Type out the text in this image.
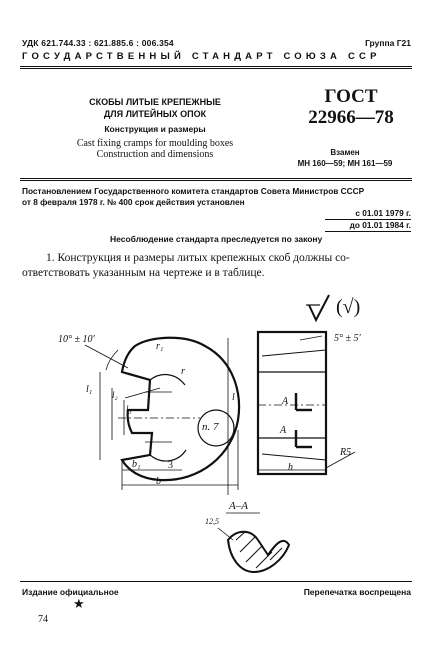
УДК 621.744.33 : 621.885.6 : 006.354	Группа Г21
ГОСУДАРСТВЕННЫЙ СТАНДАРТ СОЮЗА ССР
СКОБЫ ЛИТЫЕ КРЕПЕЖНЫЕ
ДЛЯ ЛИТЕЙНЫХ ОПОК
Конструкция и размеры
Cast fixing cramps for moulding boxes
Construction and dimensions
ГОСТ
22966—78
Взамен
МН 160—59; МН 161—59
Постановлением Государственного комитета стандартов Совета Министров СССР
от 8 февраля 1978 г. № 400 срок действия установлен
с 01.01 1979 г.
до 01.01 1984 г.
Несоблюдение стандарта преследуется по закону
1. Конструкция и размеры литых крепежных скоб должны со-
ответствовать указанным на чертеже и в таблице.
(√)
10° ± 10'	5° ± 5'
r₁
r
l₁ l₂
l₃
l
b₁	3
b
п. 7
A
A
h
R5
А–А
12,5
Издание официальное	Перепечатка воспрещена
★
74
